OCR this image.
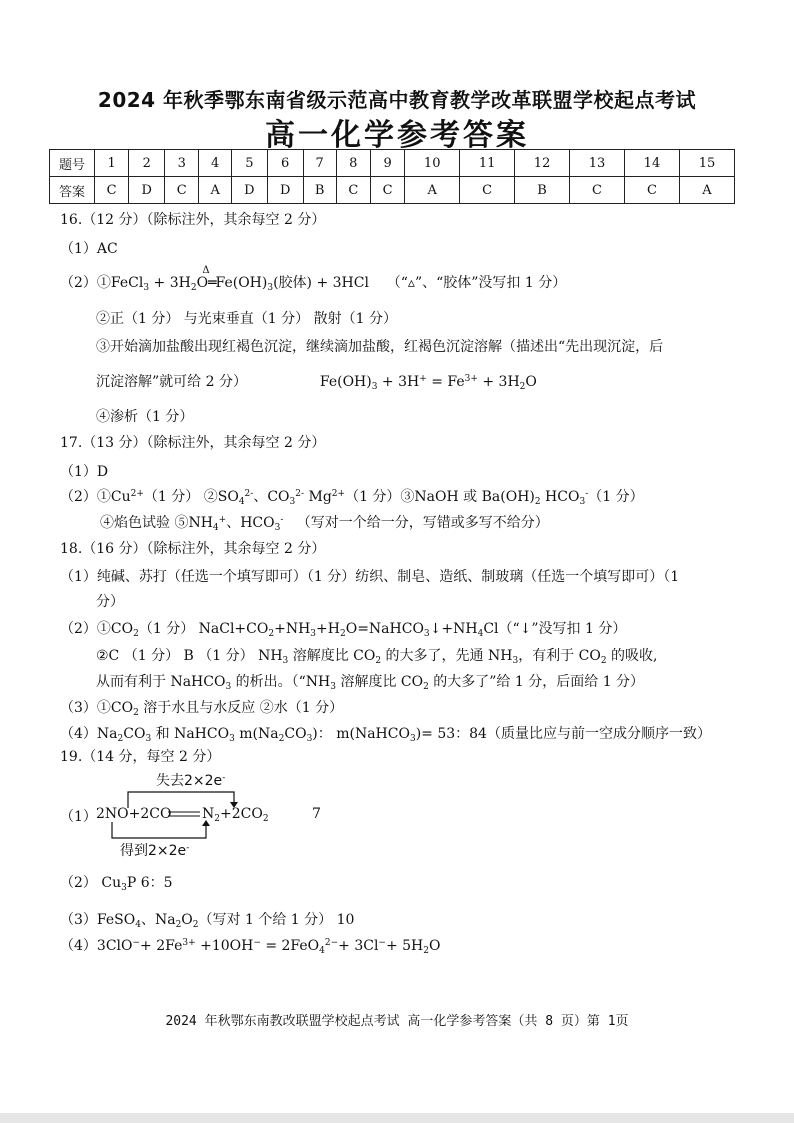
2024 年秋季鄂东南省级示范高中教育教学改革联盟学校起点考试
高一化学参考答案
题号	1	2	3	4	5	6	7	8	9	10	11	12	13	14	15
答案	C	D	C	A	D	D	B	C	C	A	C	B	C	C	A
16.（12 分）（除标注外，其余每空 2 分）
（1）AC
（2）①FeCl$_3$ + $3H_2O═$
Δ
$Fe(OH)_3$(胶体) + 3HCl （“▵”、“胶体”没写扣 1 分）
②正（1 分） 与光束垂直（1 分） 散射（1 分）
③开始滴加盐酸出现红褐色沉淀，继续滴加盐酸，红褐色沉淀溶解（描述出“先出现沉淀，后
沉淀溶解”就可给 2 分）	$Fe(OH)_3 + 3H^+ = Fe^{3+} + 3H_2O$
④渗析（1 分）
17.（13 分）（除标注外，其余每空 2 分）
（1）D
$(2)①Cu^{2+}(1$ 分） $②SO_4^{2-}$、$CO_3^{2-}$ $Mg^{2+}(1$ 分）③NaOH 或 $Ba(OH)_2$ $HCO_3^-(1$ 分）
④焰色试验 $⑤NH_4^+$、$HCO_3^-$ （写对一个给一分，写错或多写不给分）
18.（16 分）（除标注外，其余每空 2 分）
（1）纯碱、苏打（任选一个填写即可）（1 分）纺织、制皂、造纸、制玻璃（任选一个填写即可）（1
分）
$(2)①CO_2(1$ 分） $NaCl+CO_2+NH_3+H_2O=NaHCO_3↓+NH_4Cl(“↓$”没写扣 1 分）
②C （1 分） B （1 分） $NH_3$ 溶解度比 $CO_2$ 的大多了，先通 $NH_3$，有利于 $CO_2$ 的吸收,
从而有利于 NaHCO$_3$ 的析出。（“$NH_3$ 溶解度比 $CO_2$ 的大多了”给 1 分，后面给 1 分）
$(3)①CO_2$ 溶于水且与水反应 ②水（1 分）
$(4)Na_2CO_3$ 和 NaHCO$_3$ $m(Na_2CO_3)$： m(NaHCO$_3$)= 53：84（质量比应与前一空成分顺序一致）
19.（14 分，每空 2 分）
失去2×2e-
（1） 2NO+2CO $N_2+2CO_2$	7
得到2×2e-
（2） $Cu_3P$ 6：5
（3）FeSO$_4$、$Na_2O_2$（写对 1 个给 1 分） 10
$(4)3ClO^-+ 2Fe^{3+} +10OH^- = 2FeO_4^{2-}+ 3Cl^-+ 5H_2O$
2024 年秋鄂东南教改联盟学校起点考试 高一化学参考答案（共 8 页）第 1页
